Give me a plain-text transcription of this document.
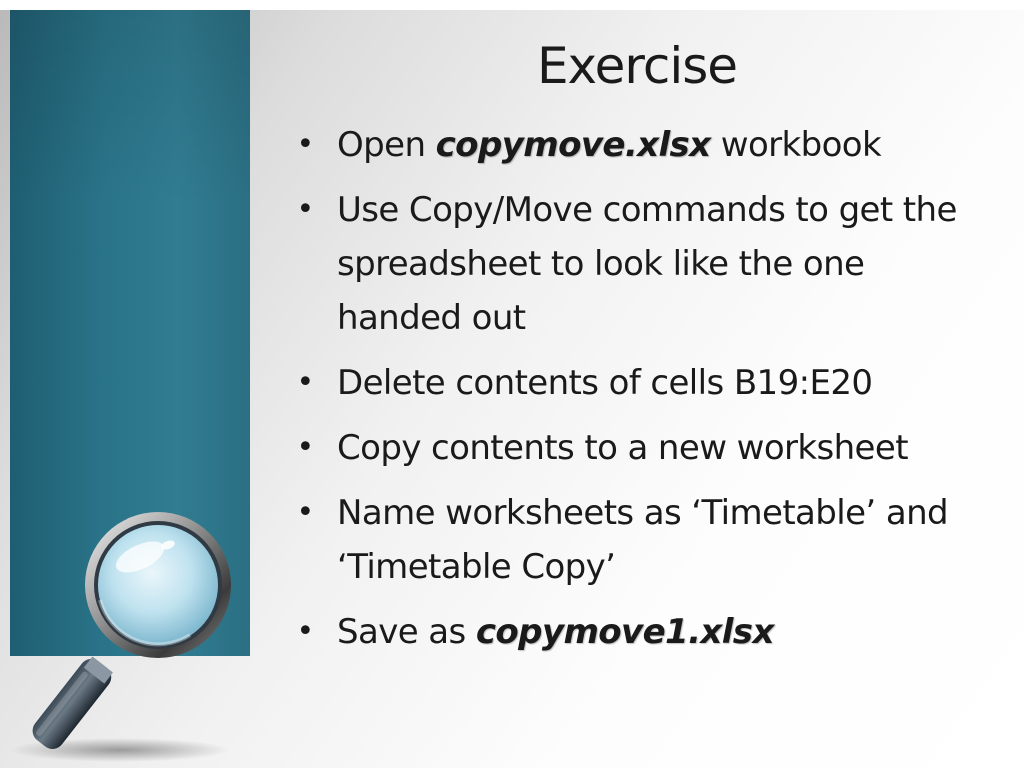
Exercise
• Open copymove.xlsx workbook
• Use Copy/Move commands to get the spreadsheet to look like the one handed out
• Delete contents of cells B19:E20
• Copy contents to a new worksheet
• Name worksheets as ‘Timetable’ and ‘Timetable Copy’
• Save as copymove1.xlsx
